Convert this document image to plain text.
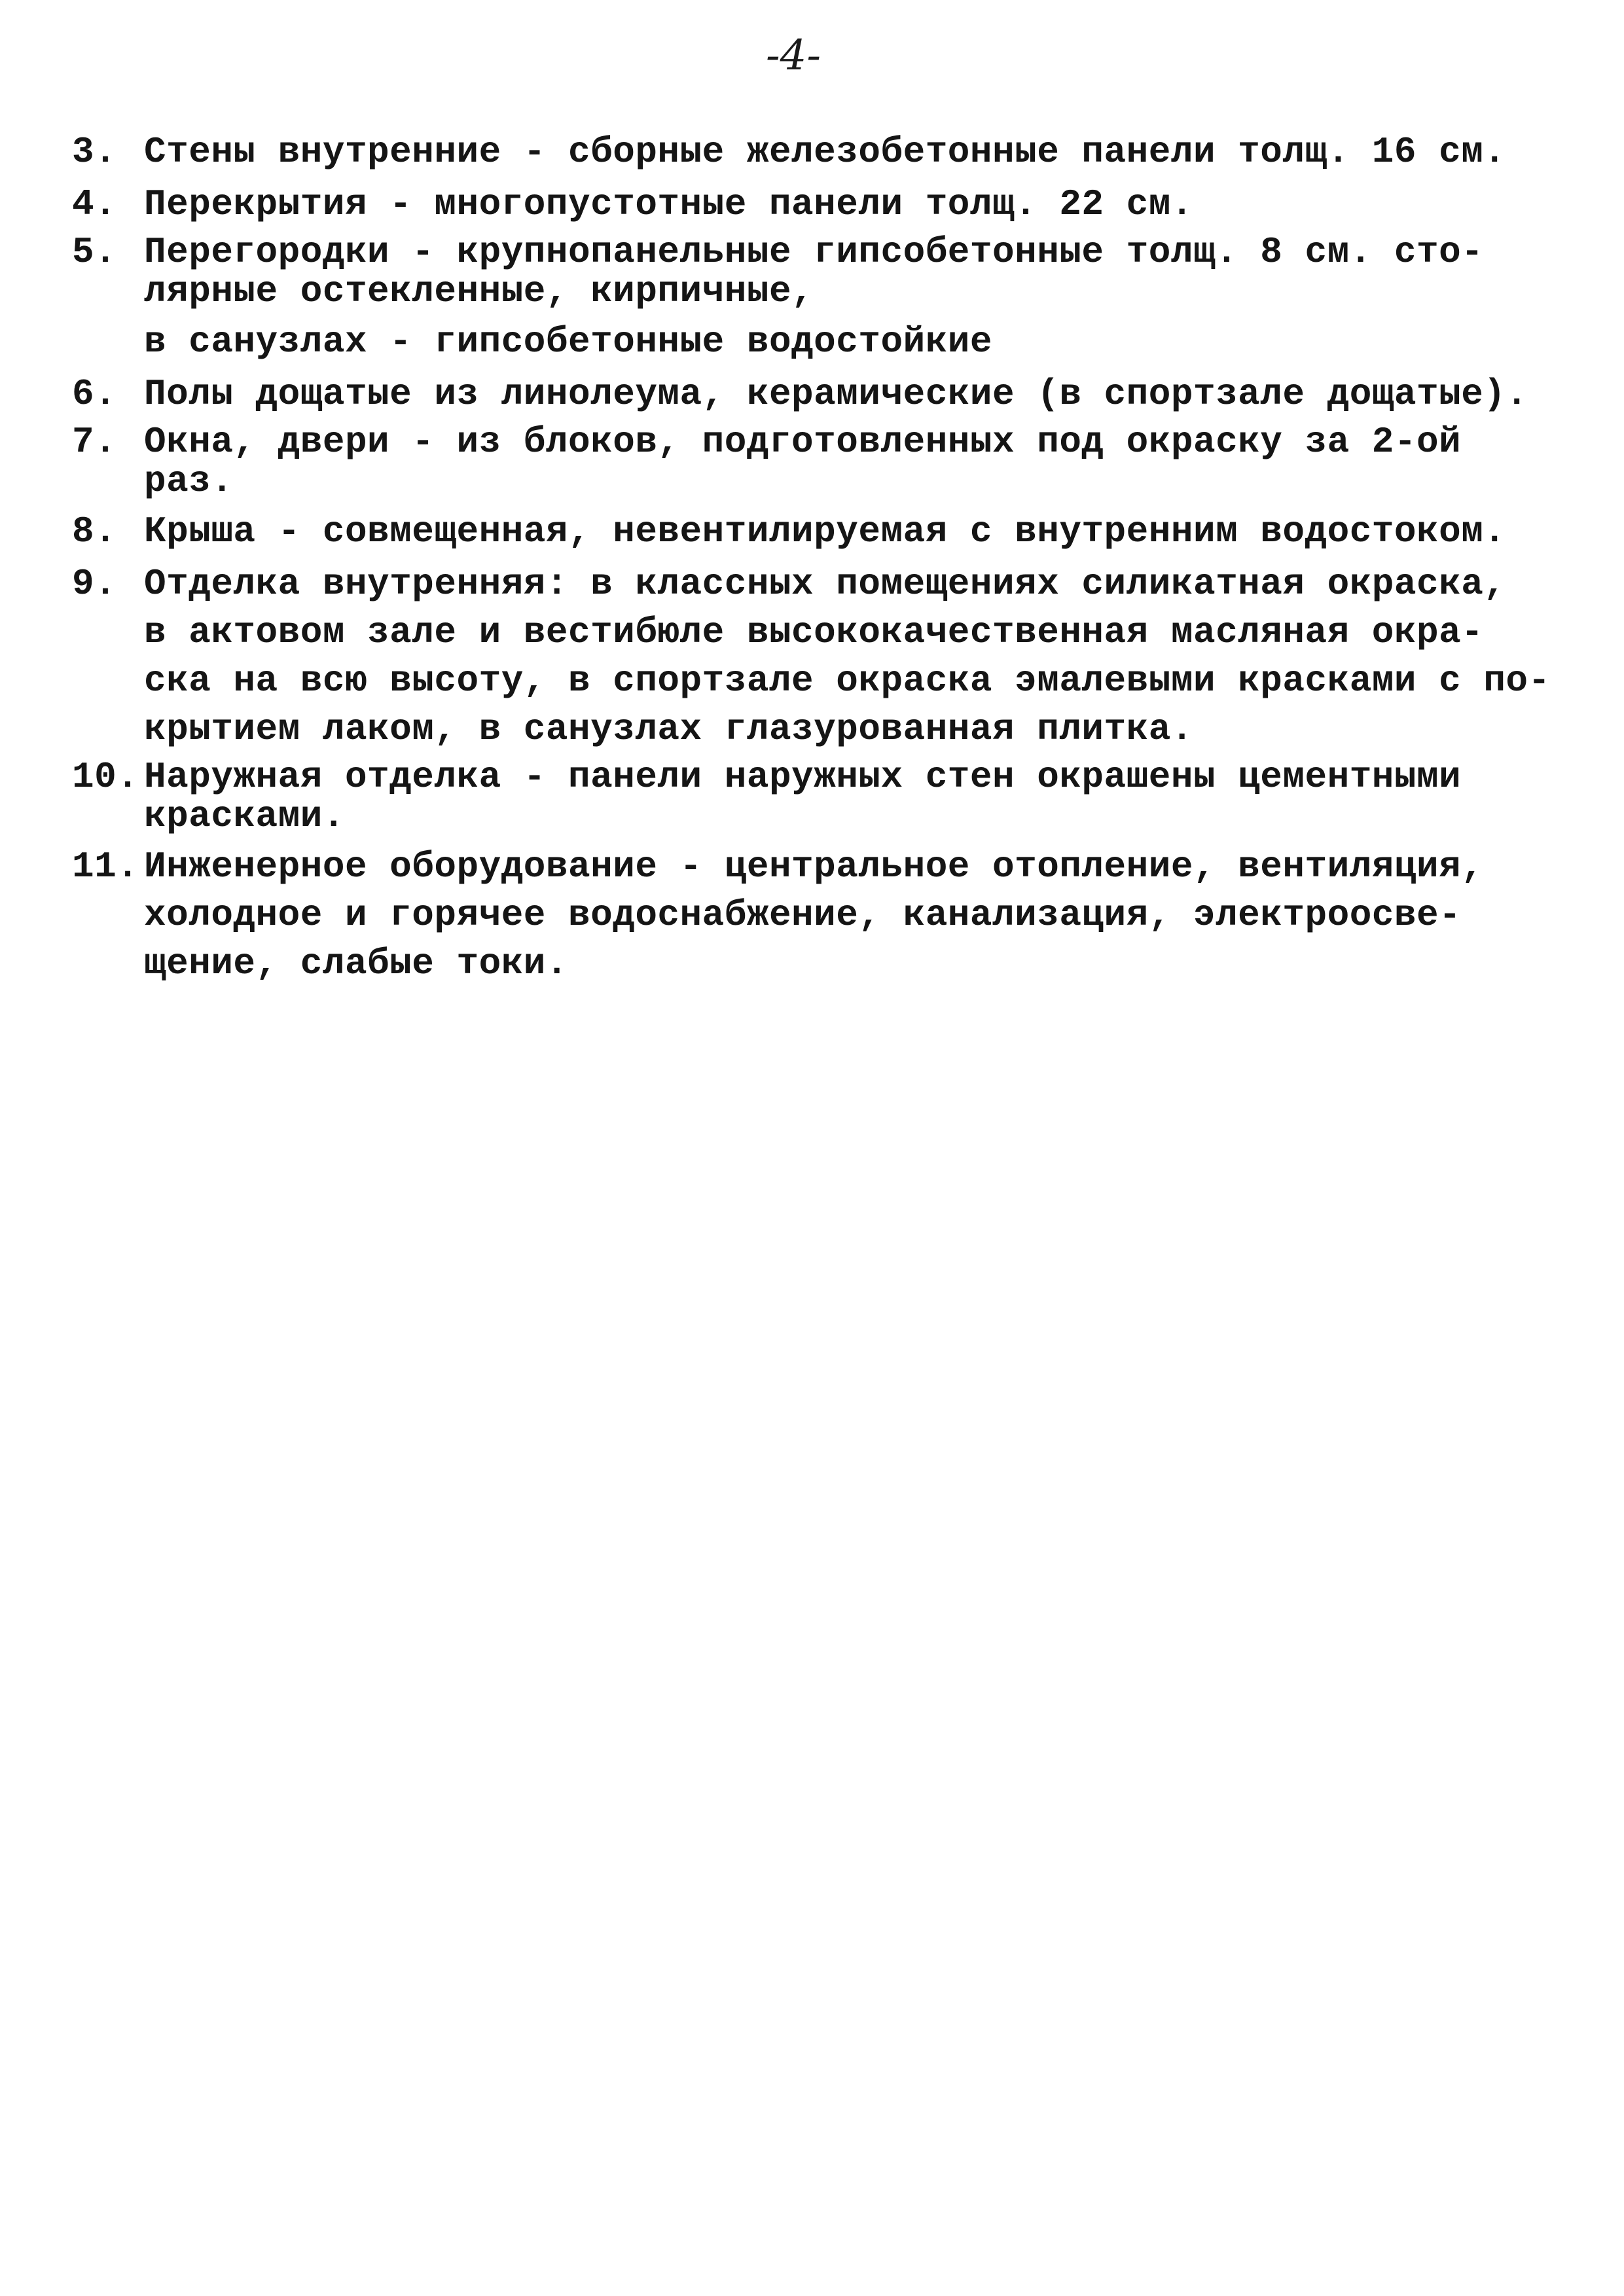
-4-
3. Стены внутренние - сборные железобетонные панели толщ. 16 см.
4. Перекрытия - многопустотные панели толщ. 22 см.
5. Перегородки - крупнопанельные гипсобетонные толщ. 8 см. сто-
лярные остекленные, кирпичные,
в санузлах - гипсобетонные водостойкие
6. Полы дощатые из линолеума, керамические (в спортзале дощатые).
7. Окна, двери - из блоков, подготовленных под окраску за 2-ой
раз.
8. Крыша - совмещенная, невентилируемая с внутренним водостоком.
9. Отделка внутренняя: в классных помещениях силикатная окраска,
в актовом зале и вестибюле высококачественная масляная окра-
ска на всю высоту, в спортзале окраска эмалевыми красками с по-
крытием лаком, в санузлах глазурованная плитка.
10. Наружная отделка - панели наружных стен окрашены цементными
красками.
11. Инженерное оборудование - центральное отопление, вентиляция,
холодное и горячее водоснабжение, канализация, электроосве-
щение, слабые токи.
